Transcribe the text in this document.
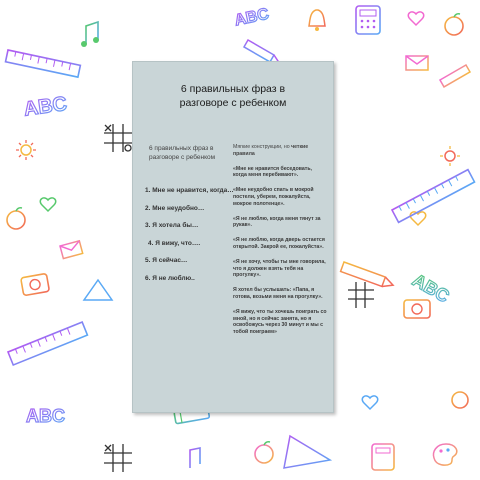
ABC
ABC
ABC
ABC
6 правильных фраз в
разговоре с ребенком
6 правильных фраз в разговоре с ребенком
1. Мне не нравится, когда…
2. Мне неудобно…
3. Я хотела бы…
4. Я вижу, что….
5. Я сейчас…
6. Я не люблю..

Мягкие конструкции, но четкие правила

«Мне не нравится беседовать, когда меня перебивают».

«Мне неудобно спать в мокрой постели, уберем, пожалуйста, мокрое полотенце».

«Я не люблю, когда меня тянут за рукав».

«Я не люблю, когда дверь остается открытой. Закрой ее, пожалуйста».

«Я не хочу, чтобы ты мне говорила, что я должен взять тебя на прогулку».

Я хотел бы услышать: «Папа, я готова, возьми меня на прогулку».

«Я вижу, что ты хочешь поиграть со мной, но я сейчас занята, но я освобожусь через 30 минут и мы с тобой поиграем»
